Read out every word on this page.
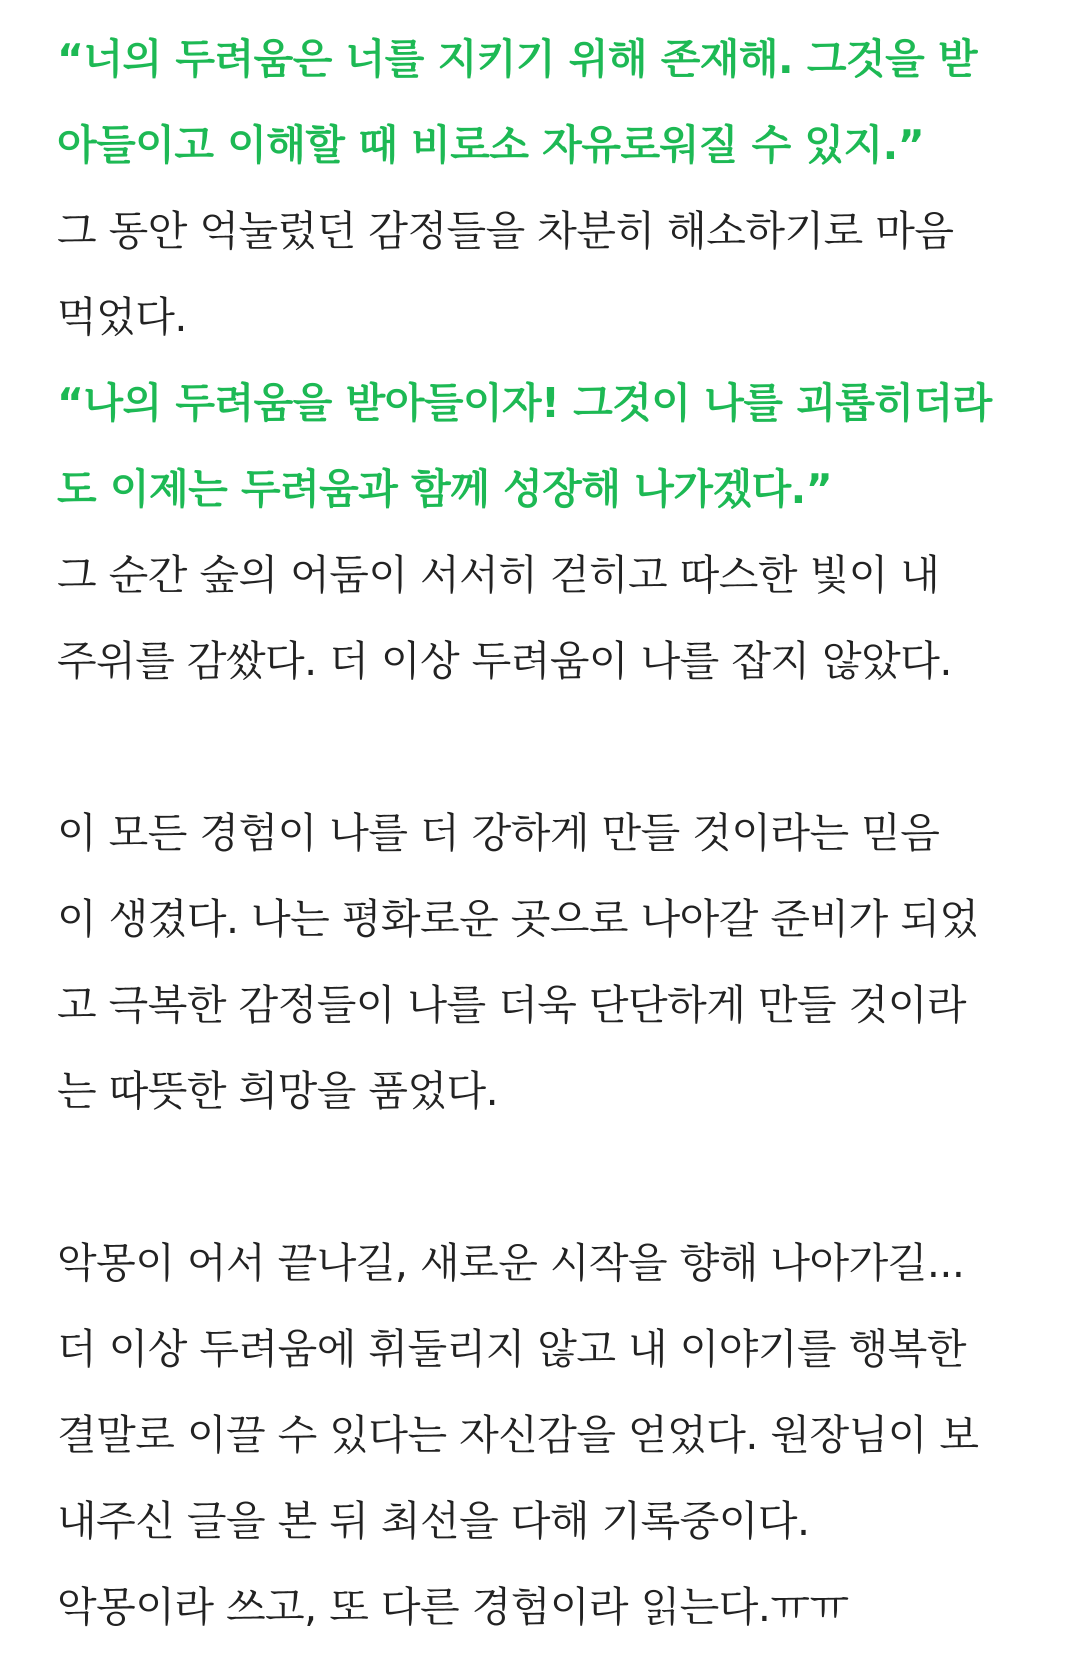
“너의 두려움은 너를 지키기 위해 존재해. 그것을 받
아들이고 이해할 때 비로소 자유로워질 수 있지.”
그 동안 억눌렀던 감정들을 차분히 해소하기로 마음
먹었다.
“나의 두려움을 받아들이자! 그것이 나를 괴롭히더라
도 이제는 두려움과 함께 성장해 나가겠다.”
그 순간 숲의 어둠이 서서히 걷히고 따스한 빛이 내
주위를 감쌌다. 더 이상 두려움이 나를 잡지 않았다.
이 모든 경험이 나를 더 강하게 만들 것이라는 믿음
이 생겼다. 나는 평화로운 곳으로 나아갈 준비가 되었
고 극복한 감정들이 나를 더욱 단단하게 만들 것이라
는 따뜻한 희망을 품었다.
악몽이 어서 끝나길, 새로운 시작을 향해 나아가길...
더 이상 두려움에 휘둘리지 않고 내 이야기를 행복한
결말로 이끌 수 있다는 자신감을 얻었다. 원장님이 보
내주신 글을 본 뒤 최선을 다해 기록중이다.
악몽이라 쓰고, 또 다른 경험이라 읽는다.ㅠㅠ
